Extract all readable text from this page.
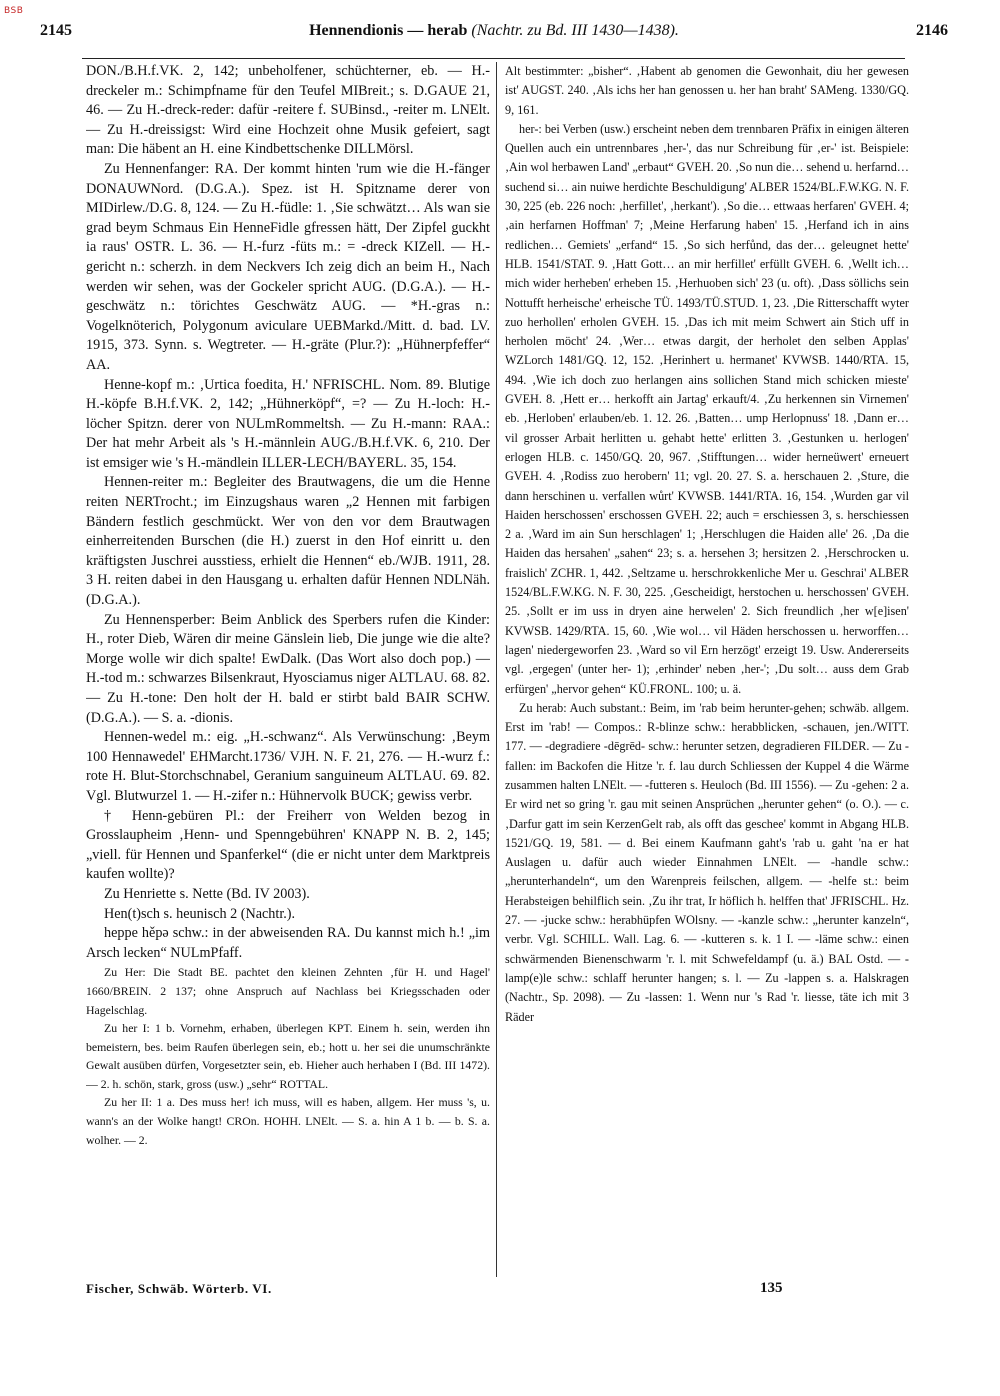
BSB
2145	Hennendionis — herab (Nachtr. zu Bd. III 1430—1438).	2146

DON./B.H.f.VK. 2, 142; unbeholfener, schüchterner, eb. — H.-dreckeler m.: Schimpfname für den Teufel MIBreit.; s. D.GAUE 21, 46. — Zu H.-dreck-reder: dafür -reitere f. SUBinsd., -reiter m. LNElt. — Zu H.-dreissigst: Wird eine Hochzeit ohne Musik gefeiert, sagt man: Die häbent an H. eine Kindbettschenke DILLMörsl.

Zu Hennenfanger: RA. Der kommt hinten 'rum wie die H.-fänger DONAUWNord. (D.G.A.). Spez. ist H. Spitzname derer von MIDirlew./D.G. 8, 124. — Zu H.-füdle: 1. ‚Sie schwätzt… Als wan sie grad beym Schmaus Ein HenneFidle gfressen hätt, Der Zipfel guckht ia raus' OSTR. L. 36. — H.-furz -füts m.: = -dreck KIZell. — H.-gericht n.: scherzh. in dem Neckvers Ich zeig dich an beim H., Nach werden wir sehen, was der Gockeler spricht AUG. (D.G.A.). — H.-geschwätz n.: törichtes Geschwätz AUG. — *H.-gras n.: Vogelknöterich, Polygonum aviculare UEBMarkd./Mitt. d. bad. LV. 1915, 373. Synn. s. Wegtreter. — H.-gräte (Plur.?): „Hühnerpfeffer“ AA.

Henne-kopf m.: ‚Urtica foedita, H.' NFRISCHL. Nom. 89. Blutige H.-köpfe B.H.f.VK. 2, 142; „Hühnerköpf“, =? — Zu H.-loch: H.-löcher Spitzn. derer von NULmRommeltsh. — Zu H.-mann: RAA.: Der hat mehr Arbeit als 's H.-männlein AUG./B.H.f.VK. 6, 210. Der ist emsiger wie 's H.-mändlein ILLER-LECH/BAYERL. 35, 154.

Hennen-reiter m.: Begleiter des Brautwagens, die um die Henne reiten NERTrocht.; im Einzugshaus waren „2 Hennen mit farbigen Bändern festlich geschmückt. Wer von den vor dem Brautwagen einherreitenden Burschen (die H.) zuerst in den Hof einritt u. den kräftigsten Juschrei ausstiess, erhielt die Hennen“ eb./WJB. 1911, 28. 3 H. reiten dabei in den Hausgang u. erhalten dafür Hennen NDLNäh. (D.G.A.).

Zu Hennensperber: Beim Anblick des Sperbers rufen die Kinder: H., roter Dieb, Wären dir meine Gänslein lieb, Die junge wie die alte? Morge wolle wir dich spalte! EwDalk. (Das Wort also doch pop.) — H.-tod m.: schwarzes Bilsenkraut, Hyosciamus niger ALTLAU. 68. 82. — Zu H.-tone: Den holt der H. bald er stirbt bald BAIR SCHW. (D.G.A.). — S. a. -dionis.

Hennen-wedel m.: eig. „H.-schwanz“. Als Verwünschung: ‚Beym 100 Hennawedel' EHMarcht.1736/ VJH. N. F. 21, 276. — H.-wurz f.: rote H. Blut-Storchschnabel, Geranium sanguineum ALTLAU. 69. 82. Vgl. Blutwurzel 1. — H.-zifer n.: Hühnervolk BUCK; gewiss verbr.

† Henn-gebüren Pl.: der Freiherr von Welden bezog in Grosslaupheim ‚Henn- und Spenngebühren' KNAPP N. B. 2, 145; „viell. für Hennen und Spanferkel“ (die er nicht unter dem Marktpreis kaufen wollte)?

Zu Henriette s. Nette (Bd. IV 2003).

Hen(t)sch s. heunisch 2 (Nachtr.).

heppe hěpə schw.: in der abweisenden RA. Du kannst mich h.! „im Arsch lecken“ NULmPfaff.

Zu Her: Die Stadt BE. pachtet den kleinen Zehnten ‚für H. und Hagel' 1660/BREIN. 2 137; ohne Anspruch auf Nachlass bei Kriegsschaden oder Hagelschlag.

Zu her I: 1 b. Vornehm, erhaben, überlegen KPT. Einem h. sein, werden ihn bemeistern, bes. beim Raufen überlegen sein, eb.; hott u. her sei die unumschränkte Gewalt ausüben dürfen, Vorgesetzter sein, eb. Hieher auch herhaben I (Bd. III 1472). — 2. h. schön, stark, gross (usw.) „sehr“ ROTTAL.

Zu her II: 1 a. Des muss her! ich muss, will es haben, allgem. Her muss 's, u. wann's an der Wolke hangt! CROn. HOHH. LNElt. — S. a. hin A 1 b. — b. S. a. wolher. — 2.

Alt bestimmter: „bisher“. ‚Habent ab genomen die Gewonhait, diu her gewesen ist' AUGST. 240. ‚Als ichs her han genossen u. her han braht' SAMeng. 1330/GQ. 9, 161.

her-: bei Verben (usw.) erscheint neben dem trennbaren Präfix in einigen älteren Quellen auch ein untrennbares ‚her-', das nur Schreibung für ‚er-' ist. Beispiele: ‚Ain wol herbawen Land' „erbaut“ GVEH. 20. ‚So nun die… sehend u. herfarnd… suchend si… ain nuiwe herdichte Beschuldigung' ALBER 1524/BL.F.W.KG. N. F. 30, 225 (eb. 226 noch: ‚herfillet', ‚herkant'). ‚So die… ettwaas herfaren' GVEH. 4; ‚ain herfarnen Hoffman' 7; ‚Meine Herfarung haben' 15. ‚Herfand ich in ains redlichen… Gemiets' „erfand“ 15. ‚So sich herfůnd, das der… geleugnet hette' HLB. 1541/STAT. 9. ‚Hatt Gott… an mir herfillet' erfüllt GVEH. 6. ‚Wellt ich… mich wider herheben' erheben 15. ‚Herhuoben sich' 23 (u. oft). ‚Dass söllichs sein Nottufft herheische' erheische TÜ. 1493/TÜ.STUD. 1, 23. ‚Die Ritterschafft wyter zuo herhollen' erholen GVEH. 15. ‚Das ich mit meim Schwert ain Stich uff in herholen möcht' 24. ‚Wer… etwas dargit, der herholet den selben Applas' WZLorch 1481/GQ. 12, 152. ‚Herinhert u. hermanet' KVWSB. 1440/RTA. 15, 494. ‚Wie ich doch zuo herlangen ains sollichen Stand mich schicken mieste' GVEH. 8. ‚Hett er… herkofft ain Jartag' erkauft/4. ‚Zu herkennen sin Virnemen' eb. ‚Herloben' erlauben/eb. 1. 12. 26. ‚Batten… ump Herlopnuss' 18. ‚Dann er… vil grosser Arbait herlitten u. gehabt hette' erlitten 3. ‚Gestunken u. herlogen' erlogen HLB. c. 1450/GQ. 20, 967. ‚Stifftungen… wider herneüwert' erneuert GVEH. 4. ‚Rodiss zuo herobern' 11; vgl. 20. 27. S. a. herschauen 2. ‚Sture, die dann herschinen u. verfallen wůrt' KVWSB. 1441/RTA. 16, 154. ‚Wurden gar vil Haiden herschossen' erschossen GVEH. 22; auch = erschiessen 3, s. herschiessen 2 a. ‚Ward im ain Sun herschlagen' 1; ‚Herschlugen die Haiden alle' 26. ‚Da die Haiden das hersahen' „sahen“ 23; s. a. hersehen 3; hersitzen 2. ‚Herschrocken u. fraislich' ZCHR. 1, 442. ‚Seltzame u. herschrokkenliche Mer u. Geschrai' ALBER 1524/BL.F.W.KG. N. F. 30, 225. ‚Gescheidigt, herstochen u. herschossen' GVEH. 25. ‚Sollt er im uss in dryen aine herwelen' 2. Sich freundlich ‚her w[e]isen' KVWSB. 1429/RTA. 15, 60. ‚Wie wol… vil Häden herschossen u. herworffen… lagen' niedergeworfen 23. ‚Ward so vil Ern herzögt' erzeigt 19. Usw. Andererseits vgl. ‚ergegen' (unter her- 1); ‚erhinder' neben ‚her-'; ‚Du solt… auss dem Grab erfürgen' „hervor gehen“ KÜ.FRONL. 100; u. ä.

Zu herab: Auch substant.: Beim, im 'rab beim herunter-gehen; schwäb. allgem. Erst im 'rab! — Compos.: R-blinze schw.: herabblicken, -schauen, jen./WITT. 177. — -degradiere -dēgrēd- schw.: herunter setzen, degradieren FILDER. — Zu -fallen: im Backofen die Hitze 'r. f. lau durch Schliessen der Kuppel 4 die Wärme zusammen halten LNElt. — -futteren s. Heuloch (Bd. III 1556). — Zu -gehen: 2 a. Er wird net so gring 'r. gau mit seinen Ansprüchen „herunter gehen“ (o. O.). — c. ‚Darfur gatt im sein KerzenGelt rab, als offt das geschee' kommt in Abgang HLB. 1521/GQ. 19, 581. — d. Bei einem Kaufmann gaht's 'rab u. gaht 'na er hat Auslagen u. dafür auch wieder Einnahmen LNElt. — -handle schw.: „herunterhandeln“, um den Warenpreis feilschen, allgem. — -helfe st.: beim Herabsteigen behilflich sein. ‚Zu ihr trat, Ir höflich h. helffen that' JFRISCHL. Hz. 27. — -jucke schw.: herabhüpfen WOlsny. — -kanzle schw.: „herunter kanzeln“, verbr. Vgl. SCHILL. Wall. Lag. 6. — -kutteren s. k. 1 I. — -läme schw.: einen schwärmenden Bienenschwarm 'r. l. mit Schwefeldampf (u. ä.) BAL Ostd. — -lamp(e)le schw.: schlaff herunter hangen; s. l. — Zu -lappen s. a. Halskragen (Nachtr., Sp. 2098). — Zu -lassen: 1. Wenn nur 's Rad 'r. liesse, täte ich mit 3 Räder

Fischer, Schwäb. Wörterb. VI.	135
